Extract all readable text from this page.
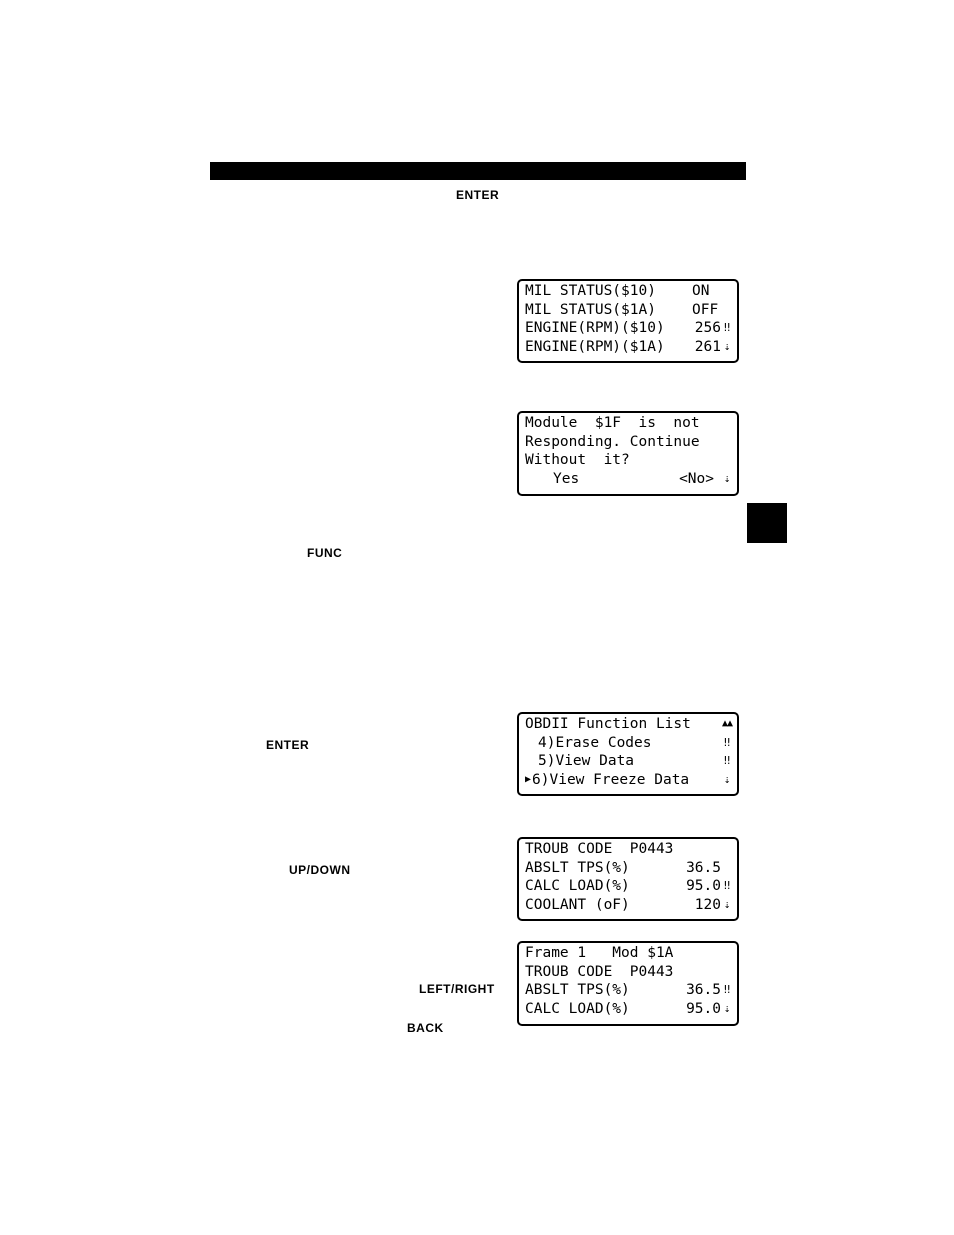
ENTER
FUNC
ENTER
UP/DOWN
LEFT/RIGHT
BACK
MIL STATUS($10)	ON
MIL STATUS($1A)	OFF
ENGINE(RPM)($10)	256 ‼
ENGINE(RPM)($1A)	261 ⇣
Module  $1F  is  not
Responding. Continue
Without  it?
Yes	<No> ⇣
OBDII Function List	▲▲
4)Erase Codes	‼
5)View Data	‼
▶ 6)View Freeze Data	⇣
TROUB CODE  P0443
ABSLT TPS(%)	36.5
CALC LOAD(%)	95.0 ‼
COOLANT (oF)	120 ⇣
Frame 1   Mod $1A
TROUB CODE  P0443
ABSLT TPS(%)	36.5 ‼
CALC LOAD(%)	95.0 ⇣
